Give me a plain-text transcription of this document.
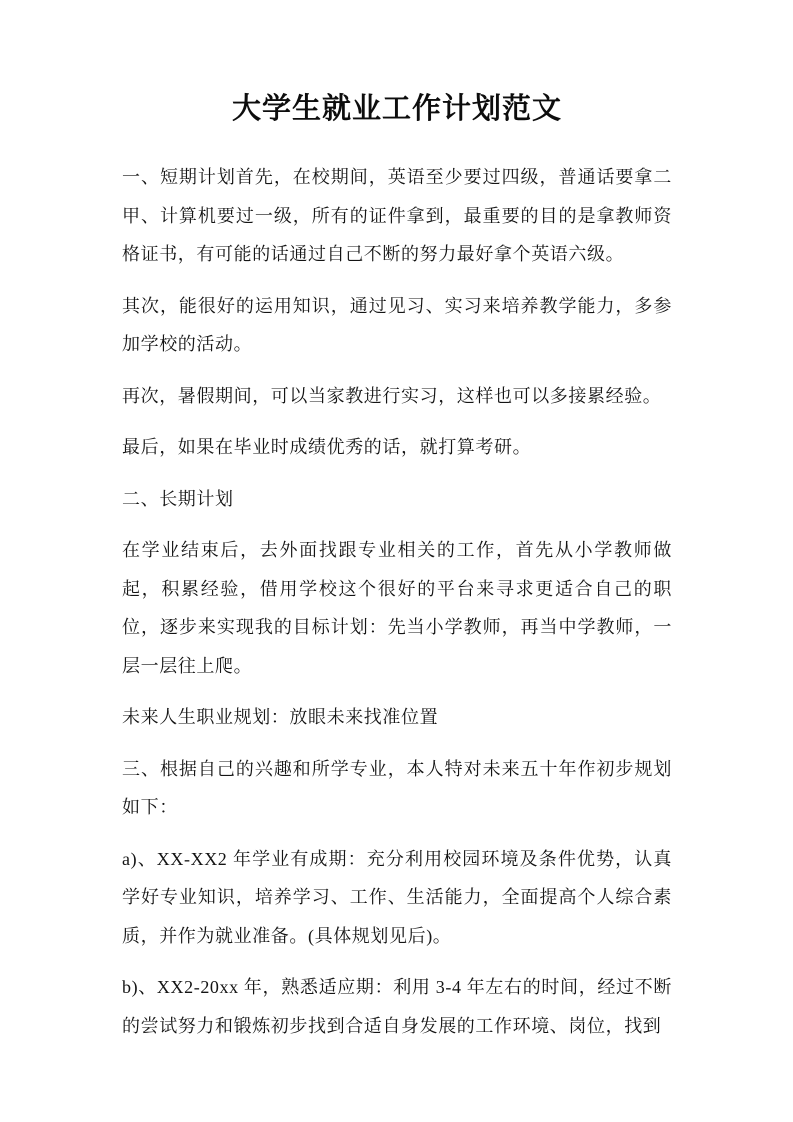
大学生就业工作计划范文

一、短期计划首先，在校期间，英语至少要过四级，普通话要拿二甲、计算机要过一级，所有的证件拿到，最重要的目的是拿教师资格证书，有可能的话通过自己不断的努力最好拿个英语六级。

其次，能很好的运用知识，通过见习、实习来培养教学能力，多参加学校的活动。

再次，暑假期间，可以当家教进行实习，这样也可以多接累经验。

最后，如果在毕业时成绩优秀的话，就打算考研。

二、长期计划

在学业结束后，去外面找跟专业相关的工作，首先从小学教师做起，积累经验，借用学校这个很好的平台来寻求更适合自己的职位，逐步来实现我的目标计划：先当小学教师，再当中学教师，一层一层往上爬。

未来人生职业规划：放眼未来找准位置

三、根据自己的兴趣和所学专业，本人特对未来五十年作初步规划如下：

a)、XX-XX2 年学业有成期：充分利用校园环境及条件优势，认真学好专业知识，培养学习、工作、生活能力，全面提高个人综合素质，并作为就业准备。(具体规划见后)。

b)、XX2-20xx 年，熟悉适应期：利用 3-4 年左右的时间，经过不断的尝试努力和锻炼初步找到合适自身发展的工作环境、岗位，找到
